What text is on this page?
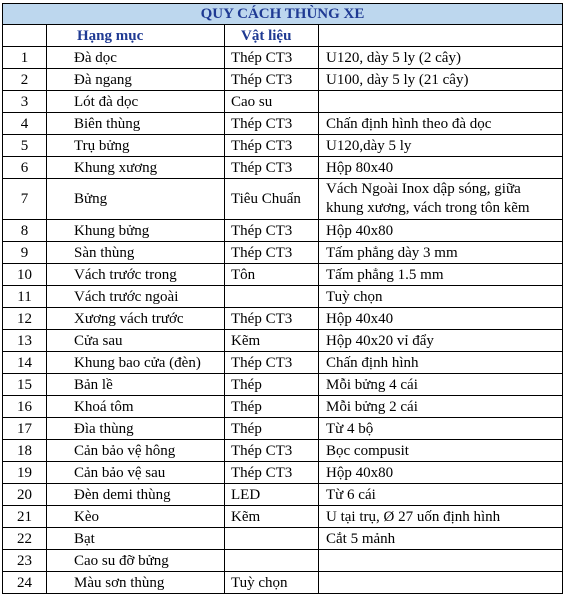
QUY CÁCH THÙNG XE			
	Hạng mục	Vật liệu	
1	Đà dọc	Thép CT3	U120, dày 5 ly (2 cây)
2	Đà ngang	Thép CT3	U100, dày 5 ly (21 cây)
3	Lót đà dọc	Cao su	
4	Biên thùng	Thép CT3	Chấn định hình theo đà dọc
5	Trụ bửng	Thép CT3	U120,dày 5 ly
6	Khung xương	Thép CT3	Hộp 80x40
7	Bửng	Tiêu Chuẩn	Vách Ngoài Inox dập sóng, giữa khung xương, vách trong tôn kẽm
8	Khung bửng	Thép CT3	Hộp 40x80
9	Sàn thùng	Thép CT3	Tấm phẳng dày 3 mm
10	Vách trước trong	Tôn	Tấm phẳng 1.5 mm
11	Vách trước ngoài		Tuỳ chọn
12	Xương vách trước	Thép CT3	Hộp 40x40
13	Cửa sau	Kẽm	Hộp 40x20 vỉ đẩy
14	Khung bao cửa (đèn)	Thép CT3	Chấn định hình
15	Bản lề	Thép	Mỗi bửng 4 cái
16	Khoá tôm	Thép	Mỗi bửng 2 cái
17	Đìa thùng	Thép	Từ 4 bộ
18	Cản bảo vệ hông	Thép CT3	Bọc compusit
19	Cản bảo vệ sau	Thép CT3	Hộp 40x80
20	Đèn demi thùng	LED	Từ 6 cái
21	Kèo	Kẽm	U tại trụ, Ø 27 uốn định hình
22	Bạt		Cắt 5 mảnh
23	Cao su đỡ bửng		
24	Màu sơn thùng	Tuỳ chọn	
